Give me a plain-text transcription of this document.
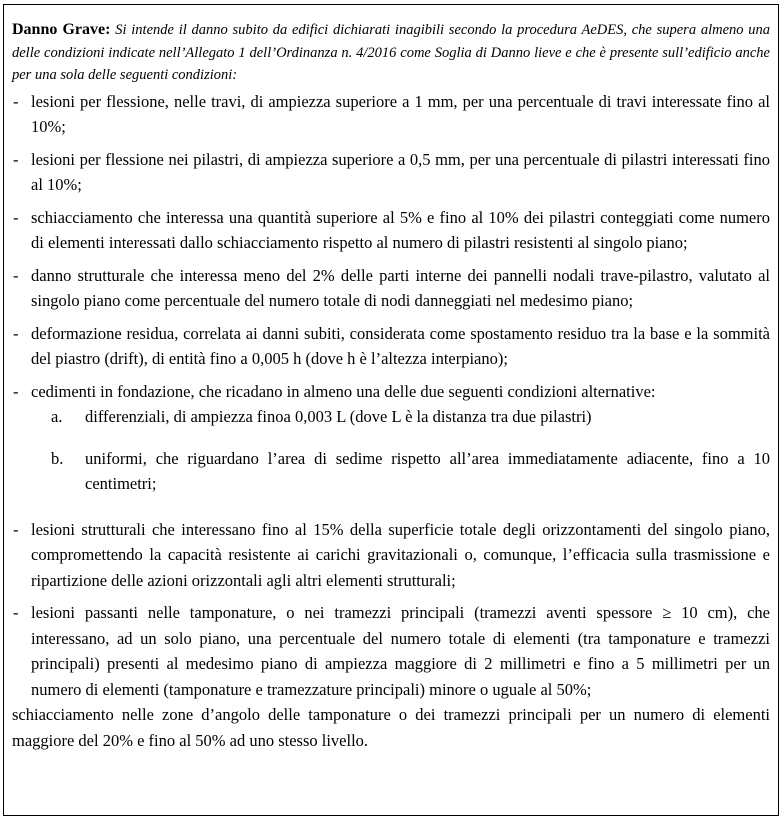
Danno Grave: Si intende il danno subito da edifici dichiarati inagibili secondo la procedura AeDES, che supera almeno una delle condizioni indicate nell’Allegato 1 dell’Ordinanza n. 4/2016 come Soglia di Danno lieve e che è presente sull’edificio anche per una sola delle seguenti condizioni:

- lesioni per flessione, nelle travi, di ampiezza superiore a 1 mm, per una percentuale di travi interessate fino al 10%;
- lesioni per flessione nei pilastri, di ampiezza superiore a 0,5 mm, per una percentuale di pilastri interessati fino al 10%;
- schiacciamento che interessa una quantità superiore al 5% e fino al 10% dei pilastri conteggiati come numero di elementi interessati dallo schiacciamento rispetto al numero di pilastri resistenti al singolo piano;
- danno strutturale che interessa meno del 2% delle parti interne dei pannelli nodali trave-pilastro, valutato al singolo piano come percentuale del numero totale di nodi danneggiati nel medesimo piano;
- deformazione residua, correlata ai danni subiti, considerata come spostamento residuo tra la base e la sommità del piastro (drift), di entità fino a 0,005 h (dove h è l’altezza interpiano);
- cedimenti in fondazione, che ricadano in almeno una delle due seguenti condizioni alternative:
a. differenziali, di ampiezza finoa 0,003 L (dove L è la distanza tra due pilastri)
b. uniformi, che riguardano l’area di sedime rispetto all’area immediatamente adiacente, fino a 10 centimetri;
- lesioni strutturali che interessano fino al 15% della superficie totale degli orizzontamenti del singolo piano, compromettendo la capacità resistente ai carichi gravitazionali o, comunque, l’efficacia sulla trasmissione e ripartizione delle azioni orizzontali agli altri elementi strutturali;
- lesioni passanti nelle tamponature, o nei tramezzi principali (tramezzi aventi spessore ≥ 10 cm), che interessano, ad un solo piano, una percentuale del numero totale di elementi (tra tamponature e tramezzi principali) presenti al medesimo piano di ampiezza maggiore di 2 millimetri e fino a 5 millimetri per un numero di elementi (tamponature e tramezzature principali) minore o uguale al 50%;

schiacciamento nelle zone d’angolo delle tamponature o dei tramezzi principali per un numero di elementi maggiore del 20% e fino al 50% ad uno stesso livello.
